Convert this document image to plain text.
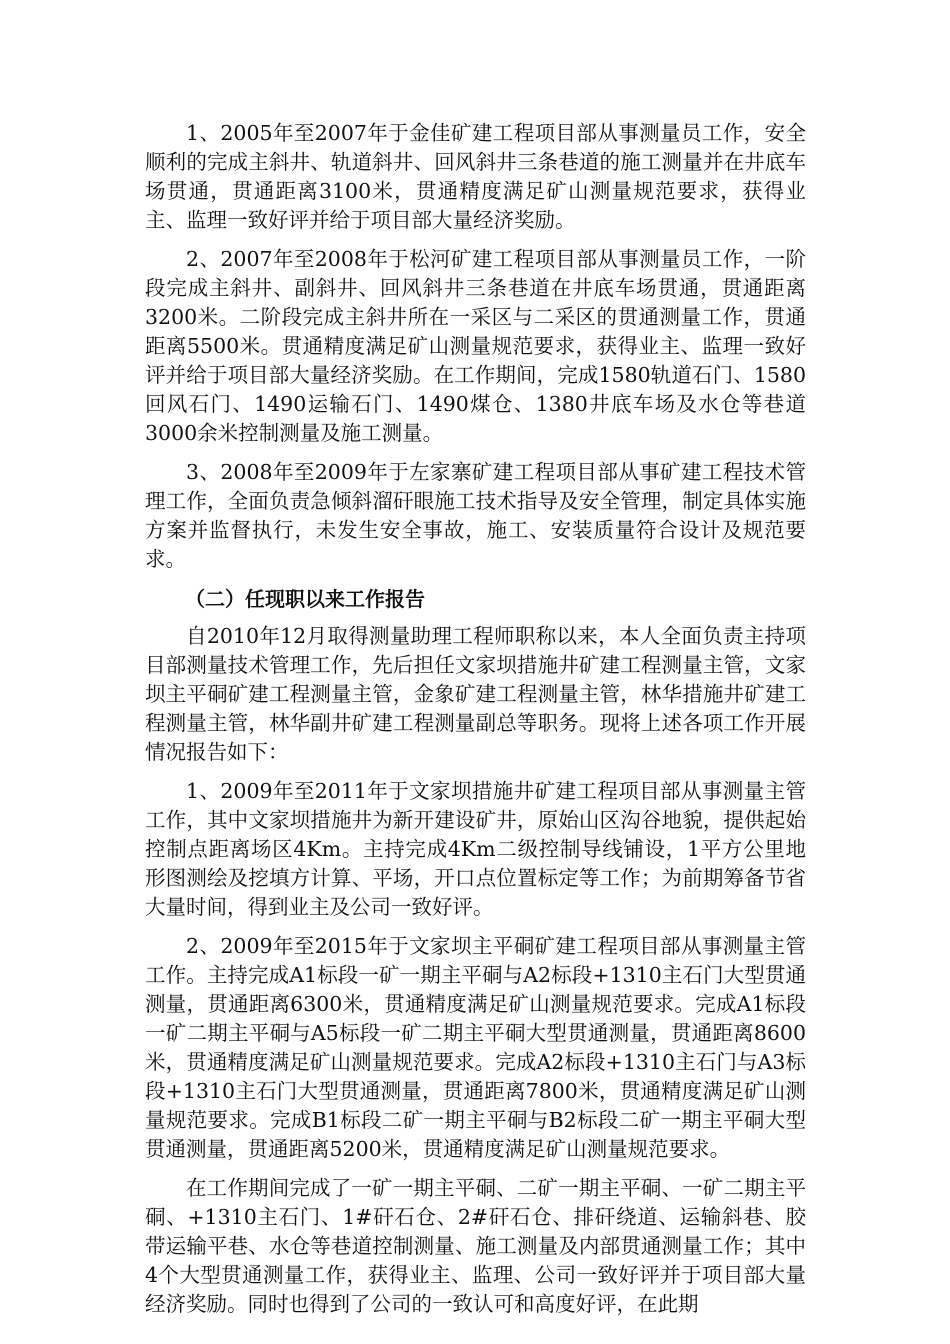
1、2005年至2007年于金佳矿建工程项目部从事测量员工作，安全顺利的完成主斜井、轨道斜井、回风斜井三条巷道的施工测量并在井底车场贯通，贯通距离3100米，贯通精度满足矿山测量规范要求，获得业主、监理一致好评并给于项目部大量经济奖励。

2、2007年至2008年于松河矿建工程项目部从事测量员工作，一阶段完成主斜井、副斜井、回风斜井三条巷道在井底车场贯通，贯通距离3200米。二阶段完成主斜井所在一采区与二采区的贯通测量工作，贯通距离5500米。贯通精度满足矿山测量规范要求，获得业主、监理一致好评并给于项目部大量经济奖励。在工作期间，完成1580轨道石门、1580回风石门、1490运输石门、1490煤仓、1380井底车场及水仓等巷道3000余米控制测量及施工测量。

3、2008年至2009年于左家寨矿建工程项目部从事矿建工程技术管理工作，全面负责急倾斜溜矸眼施工技术指导及安全管理，制定具体实施方案并监督执行，未发生安全事故，施工、安装质量符合设计及规范要求。

（二）任现职以来工作报告

自2010年12月取得测量助理工程师职称以来，本人全面负责主持项目部测量技术管理工作，先后担任文家坝措施井矿建工程测量主管，文家坝主平硐矿建工程测量主管，金象矿建工程测量主管，林华措施井矿建工程测量主管，林华副井矿建工程测量副总等职务。现将上述各项工作开展情况报告如下：

1、2009年至2011年于文家坝措施井矿建工程项目部从事测量主管工作，其中文家坝措施井为新开建设矿井，原始山区沟谷地貌，提供起始控制点距离场区4Km。主持完成4Km二级控制导线铺设，1平方公里地形图测绘及挖填方计算、平场，开口点位置标定等工作；为前期筹备节省大量时间，得到业主及公司一致好评。

2、2009年至2015年于文家坝主平硐矿建工程项目部从事测量主管工作。主持完成A1标段一矿一期主平硐与A2标段+1310主石门大型贯通测量，贯通距离6300米，贯通精度满足矿山测量规范要求。完成A1标段一矿二期主平硐与A5标段一矿二期主平硐大型贯通测量，贯通距离8600米，贯通精度满足矿山测量规范要求。完成A2标段+1310主石门与A3标段+1310主石门大型贯通测量，贯通距离7800米，贯通精度满足矿山测量规范要求。完成B1标段二矿一期主平硐与B2标段二矿一期主平硐大型贯通测量，贯通距离5200米，贯通精度满足矿山测量规范要求。

在工作期间完成了一矿一期主平硐、二矿一期主平硐、一矿二期主平硐、+1310主石门、1#矸石仓、2#矸石仓、排矸绕道、运输斜巷、胶带运输平巷、水仓等巷道控制测量、施工测量及内部贯通测量工作；其中4个大型贯通测量工作，获得业主、监理、公司一致好评并于项目部大量经济奖励。同时也得到了公司的一致认可和高度好评，在此期
